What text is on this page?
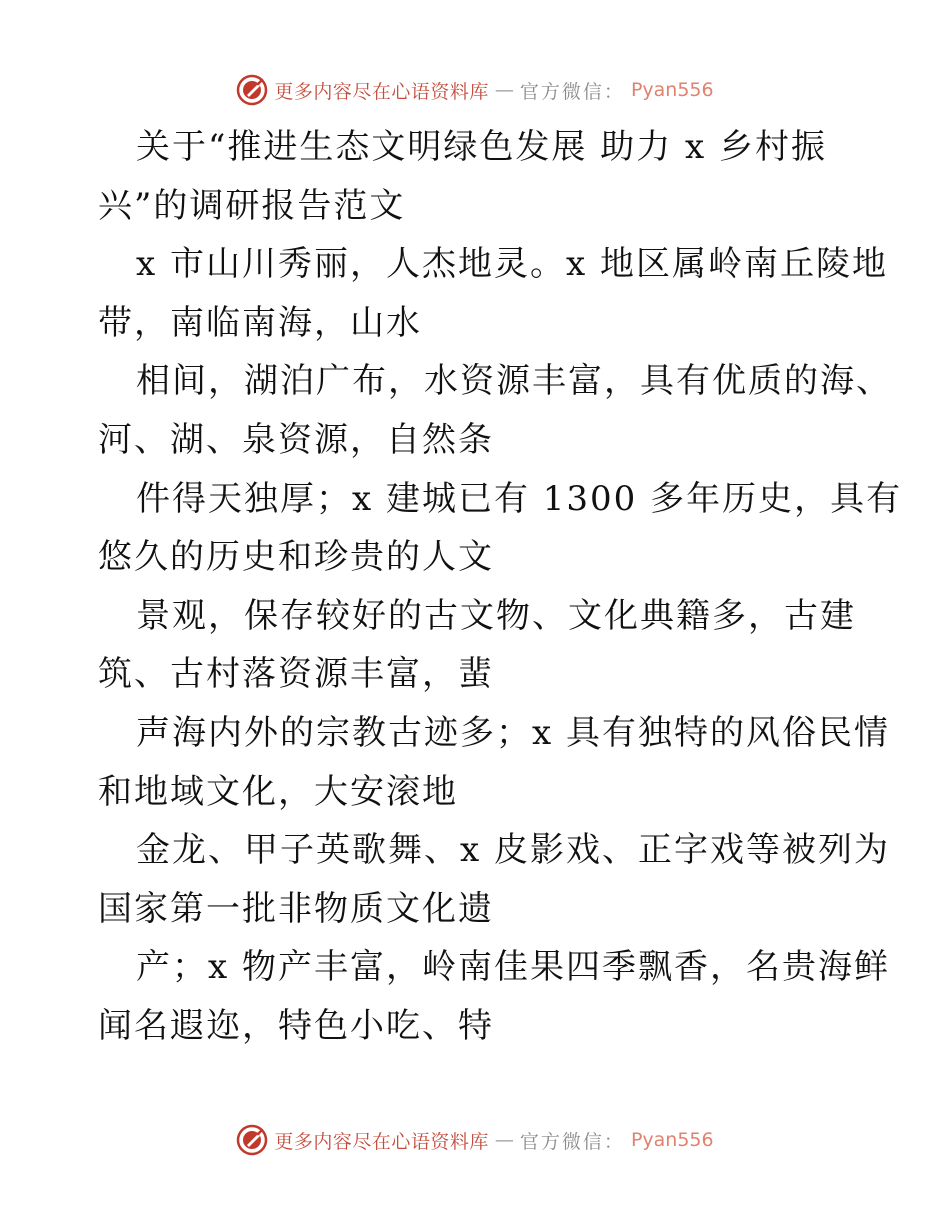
更多内容尽在心语资料库 — 官方微信： Pyan556

关于“推进生态文明绿色发展 助力 x 乡村振
兴”的调研报告范文

x 市山川秀丽，人杰地灵。x 地区属岭南丘陵地
带，南临南海，山水

相间，湖泊广布，水资源丰富，具有优质的海、
河、湖、泉资源，自然条

件得天独厚；x 建城已有 1300 多年历史，具有
悠久的历史和珍贵的人文

景观，保存较好的古文物、文化典籍多，古建
筑、古村落资源丰富，蜚

声海内外的宗教古迹多；x 具有独特的风俗民情
和地域文化，大安滚地

金龙、甲子英歌舞、x 皮影戏、正字戏等被列为
国家第一批非物质文化遗

产；x 物产丰富，岭南佳果四季飘香，名贵海鲜
闻名遐迩，特色小吃、特

更多内容尽在心语资料库 — 官方微信： Pyan556
